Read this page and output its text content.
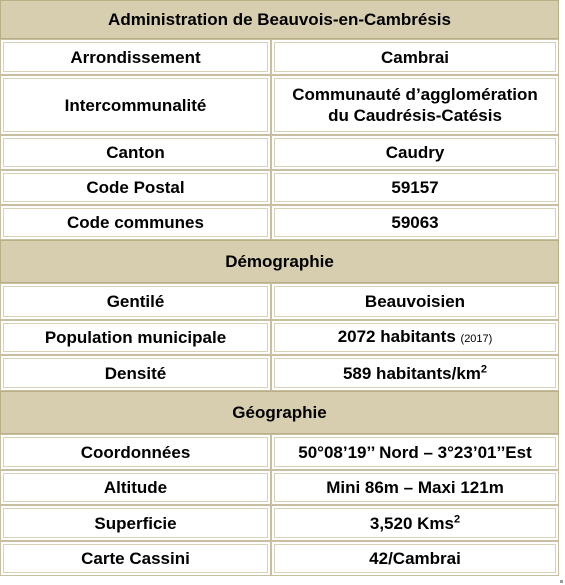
Administration de Beauvois-en-Cambrésis	
Arrondissement	Cambrai
Intercommunalité	Communauté d’agglomération
du Caudrésis-Catésis
Canton	Caudry
Code Postal	59157
Code communes	59063
Démographie	
Gentilé	Beauvoisien
Population municipale	2072 habitants (2017)
Densité	589 habitants/$km^2$
Géographie	
Coordonnées	50°08’19’’ Nord – 3°23’01’’Est
Altitude	Mini 86m – Maxi 121m
Superficie	3,520 Kms$^2$
Carte Cassini	42/Cambrai
